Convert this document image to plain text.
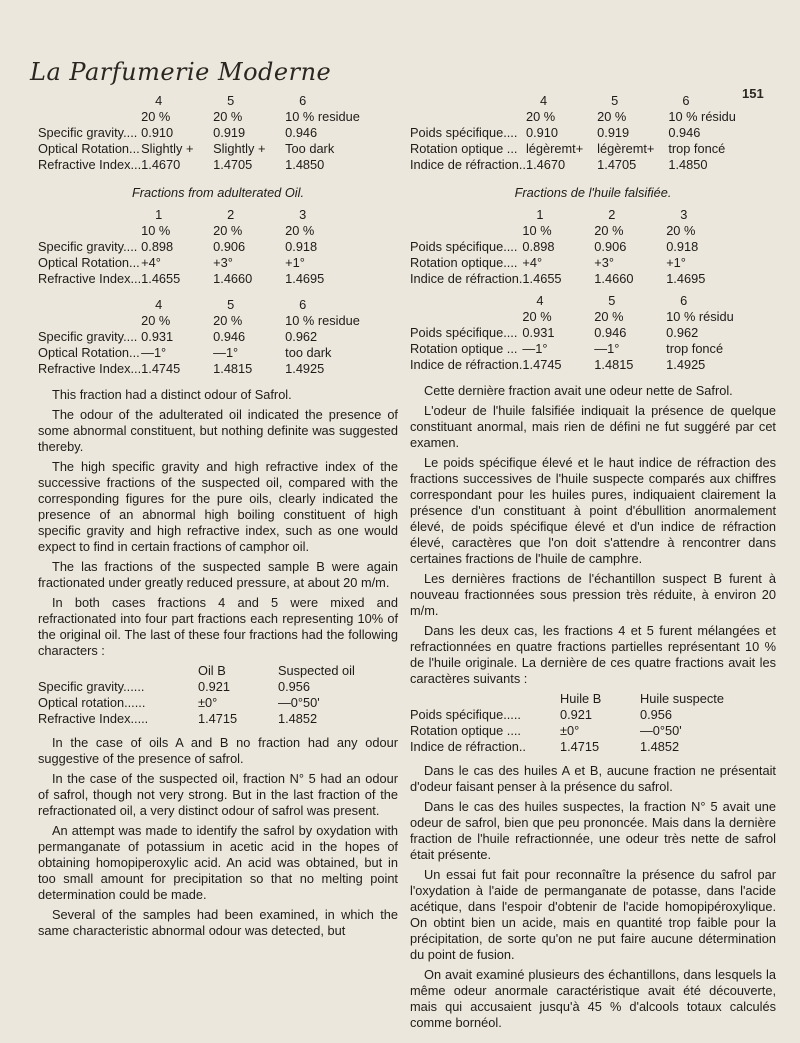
La Parfumerie Moderne
151
	4	5	6
	20 %	20 %	10 % residue
Specific gravity....	0.910	0.919	0.946
Optical Rotation...	Slightly +	Slightly +	Too dark
Refractive Index...	1.4670	1.4705	1.4850
Fractions from adulterated Oil.
	1	2	3
	10 %	20 %	20 %
Specific gravity....	0.898	0.906	0.918
Optical Rotation...	+4°	+3°	+1°
Refractive Index...	1.4655	1.4660	1.4695
	4	5	6
	20 %	20 %	10 % residue
Specific gravity....	0.931	0.946	0.962
Optical Rotation...	—1°	—1°	too dark
Refractive Index...	1.4745	1.4815	1.4925

This fraction had a distinct odour of Safrol.

The odour of the adulterated oil indicated the presence of some abnormal constituent, but nothing definite was suggested thereby.

The high specific gravity and high refractive index of the successive fractions of the suspected oil, compared with the corresponding figures for the pure oils, clearly indicated the presence of an abnormal high boiling constituent of high specific gravity and high refractive index, such as one would expect to find in certain fractions of camphor oil.

The las fractions of the suspected sample B were again fractionated under greatly reduced pressure, at about 20 m/m.

In both cases fractions 4 and 5 were mixed and refractionated into four part fractions each representing 10% of the original oil. The last of these four fractions had the following characters :

	Oil B	Suspected oil
Specific gravity......	0.921	0.956
Optical rotation......	±0°	—0°50'
Refractive Index.....	1.4715	1.4852

In the case of oils A and B no fraction had any odour suggestive of the presence of safrol.

In the case of the suspected oil, fraction N° 5 had an odour of safrol, though not very strong. But in the last fraction of the refractionated oil, a very distinct odour of safrol was present.

An attempt was made to identify the safrol by oxydation with permanganate of potassium in acetic acid in the hopes of obtaining homopiperoxylic acid. An acid was obtained, but in too small amount for precipitation so that no melting point determination could be made.

Several of the samples had been examined, in which the same characteristic abnormal odour was detected, but

	4	5	6
	20 %	20 %	10 % résidu
Poids spécifique....	0.910	0.919	0.946
Rotation optique ...	légèremt+	légèremt+	trop foncé
Indice de réfraction..	1.4670	1.4705	1.4850
Fractions de l'huile falsifiée.
	1	2	3
	10 %	20 %	20 %
Poids spécifique....	0.898	0.906	0.918
Rotation optique....	+4°	+3°	+1°
Indice de réfraction.	1.4655	1.4660	1.4695
	4	5	6
	20 %	20 %	10 % résidu
Poids spécifique....	0.931	0.946	0.962
Rotation optique ...	—1°	—1°	trop foncé
Indice de réfraction.	1.4745	1.4815	1.4925

Cette dernière fraction avait une odeur nette de Safrol.

L'odeur de l'huile falsifiée indiquait la présence de quelque constituant anormal, mais rien de défini ne fut suggéré par cet examen.

Le poids spécifique élevé et le haut indice de réfraction des fractions successives de l'huile suspecte comparés aux chiffres correspondant pour les huiles pures, indiquaient clairement la présence d'un constituant à point d'ébullition anormalement élevé, de poids spécifique élevé et d'un indice de réfraction élevé, caractères que l'on doit s'attendre à rencontrer dans certaines fractions de l'huile de camphre.

Les dernières fractions de l'échantillon suspect B furent à nouveau fractionnées sous pression très réduite, à environ 20 m/m.

Dans les deux cas, les fractions 4 et 5 furent mélangées et refractionnées en quatre fractions partielles représentant 10 % de l'huile originale. La dernière de ces quatre fractions avait les caractères suivants :

	Huile B	Huile suspecte
Poids spécifique.....	0.921	0.956
Rotation optique ....	±0°	—0°50'
Indice de réfraction..	1.4715	1.4852

Dans le cas des huiles A et B, aucune fraction ne présentait d'odeur faisant penser à la présence du safrol.

Dans le cas des huiles suspectes, la fraction N° 5 avait une odeur de safrol, bien que peu prononcée. Mais dans la dernière fraction de l'huile refractionnée, une odeur très nette de safrol était présente.

Un essai fut fait pour reconnaître la présence du safrol par l'oxydation à l'aide de permanganate de potasse, dans l'acide acétique, dans l'espoir d'obtenir de l'acide homopipéroxylique. On obtint bien un acide, mais en quantité trop faible pour la précipitation, de sorte qu'on ne put faire aucune détermination du point de fusion.

On avait examiné plusieurs des échantillons, dans lesquels la même odeur anormale caractéristique avait été découverte, mais qui accusaient jusqu'à 45 % d'alcools totaux calculés comme bornéol.
